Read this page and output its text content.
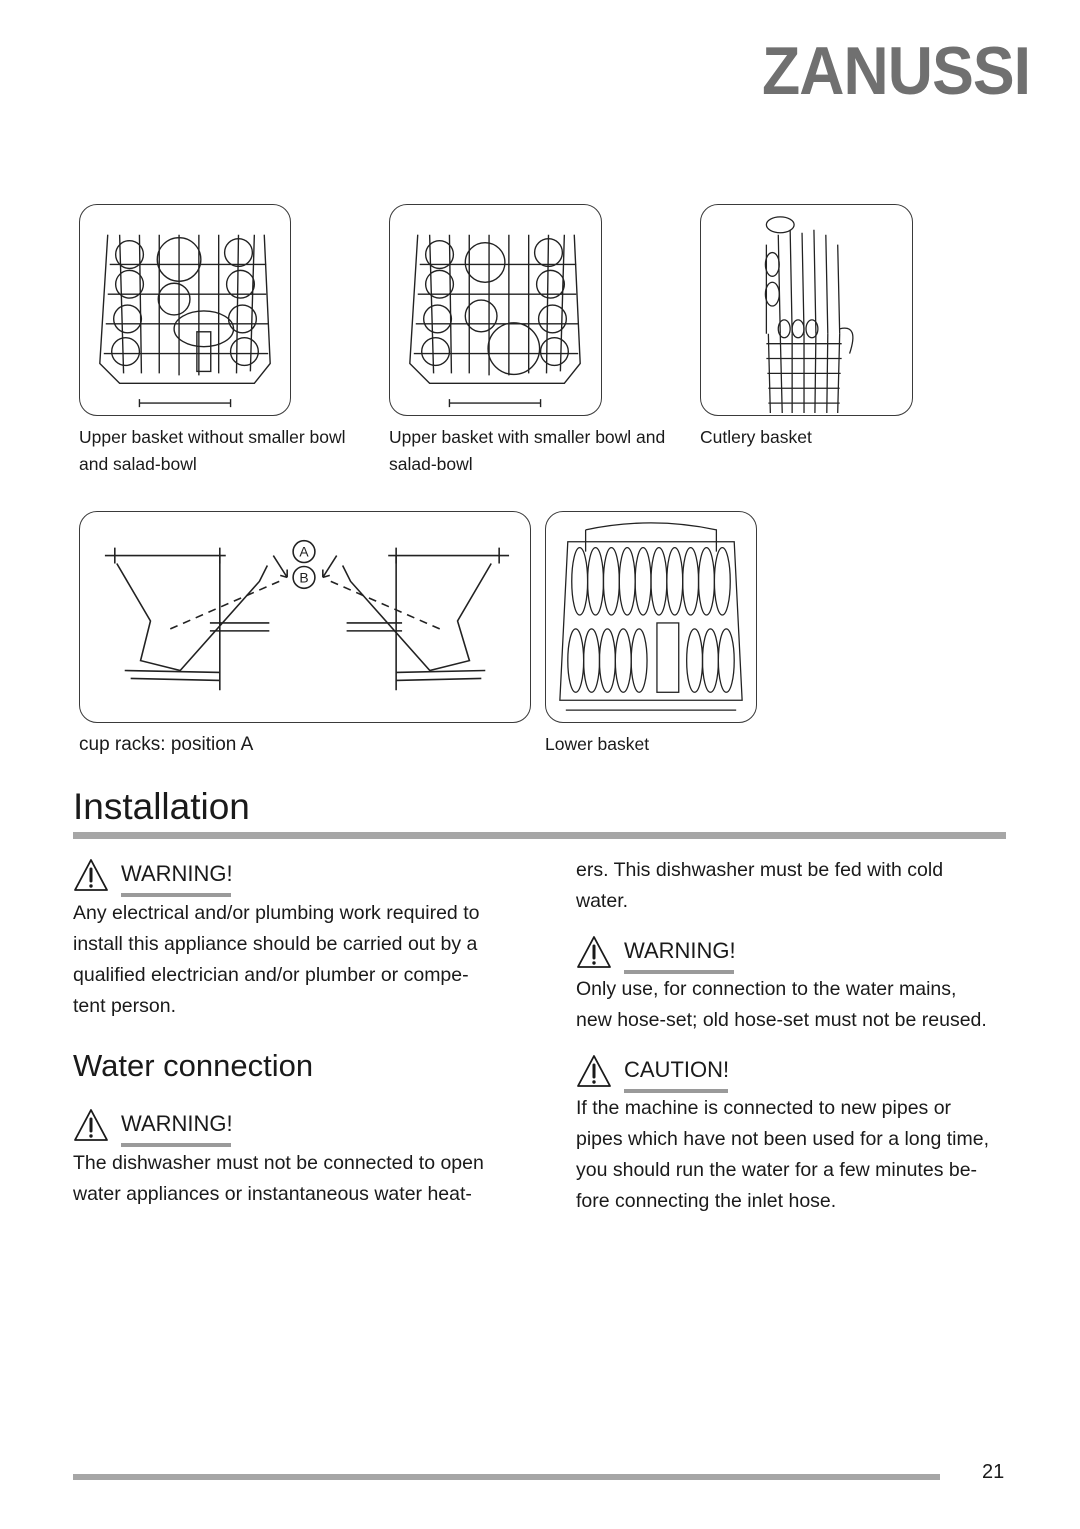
ZANUSSI
Upper basket without smaller bowl
and salad-bowl
Upper basket with smaller bowl and
salad-bowl
Cutlery basket
A
B
cup racks: position A	Lower basket
Installation
WARNING!
Any electrical and/or plumbing work required to
install this appliance should be carried out by a
qualified electrician and/or plumber or compe-
tent person.
Water connection
WARNING!
The dishwasher must not be connected to open
water appliances or instantaneous water heat-
ers. This dishwasher must be fed with cold
water.
WARNING!
Only use, for connection to the water mains,
new hose-set; old hose-set must not be reused.
CAUTION!
If the machine is connected to new pipes or
pipes which have not been used for a long time,
you should run the water for a few minutes be-
fore connecting the inlet hose.
21
